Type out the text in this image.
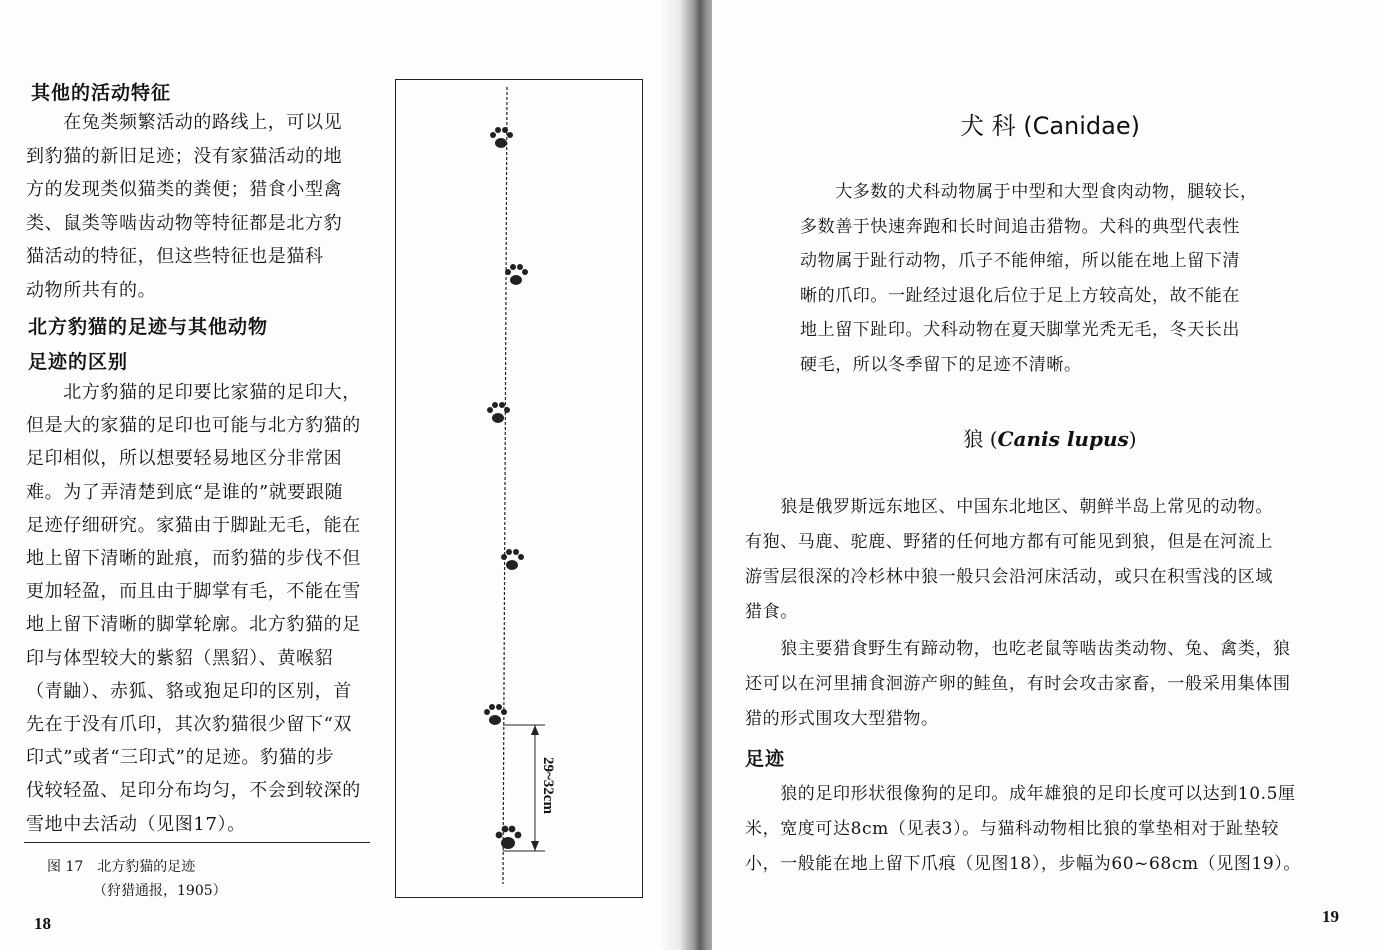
其他的活动特征
　　在兔类频繁活动的路线上，可以见
到豹猫的新旧足迹；没有家猫活动的地
方的发现类似猫类的粪便；猎食小型禽
类、鼠类等啮齿动物等特征都是北方豹
猫活动的特征，但这些特征也是猫科
动物所共有的。
北方豹猫的足迹与其他动物
足迹的区别
　　北方豹猫的足印要比家猫的足印大，
但是大的家猫的足印也可能与北方豹猫的
足印相似，所以想要轻易地区分非常困
难。为了弄清楚到底“是谁的”就要跟随
足迹仔细研究。家猫由于脚趾无毛，能在
地上留下清晰的趾痕，而豹猫的步伐不但
更加轻盈，而且由于脚掌有毛，不能在雪
地上留下清晰的脚掌轮廓。北方豹猫的足
印与体型较大的紫貂（黑貂）、黄喉貂
（青鼬）、赤狐、貉或狍足印的区别，首
先在于没有爪印，其次豹猫很少留下“双
印式”或者“三印式”的足迹。豹猫的步
伐较轻盈、足印分布均匀，不会到较深的
雪地中去活动（见图17）。
图 17　北方豹猫的足迹
（狩猎通报，1905）
18
29~32cm
犬 科 (Canidae)
　　大多数的犬科动物属于中型和大型食肉动物，腿较长，
多数善于快速奔跑和长时间追击猎物。犬科的典型代表性
动物属于趾行动物，爪子不能伸缩，所以能在地上留下清
晰的爪印。一趾经过退化后位于足上方较高处，故不能在
地上留下趾印。犬科动物在夏天脚掌光秃无毛，冬天长出
硬毛，所以冬季留下的足迹不清晰。
狼 (Canis lupus)
　　狼是俄罗斯远东地区、中国东北地区、朝鲜半岛上常见的动物。
有狍、马鹿、驼鹿、野猪的任何地方都有可能见到狼，但是在河流上
游雪层很深的冷杉林中狼一般只会沿河床活动，或只在积雪浅的区域
猎食。
　　狼主要猎食野生有蹄动物，也吃老鼠等啮齿类动物、兔、禽类，狼
还可以在河里捕食洄游产卵的鲑鱼，有时会攻击家畜，一般采用集体围
猎的形式围攻大型猎物。
足迹
　　狼的足印形状很像狗的足印。成年雄狼的足印长度可以达到10.5厘
米，宽度可达8cm（见表3）。与猫科动物相比狼的掌垫相对于趾垫较
小，一般能在地上留下爪痕（见图18），步幅为60~68cm（见图19）。
19
